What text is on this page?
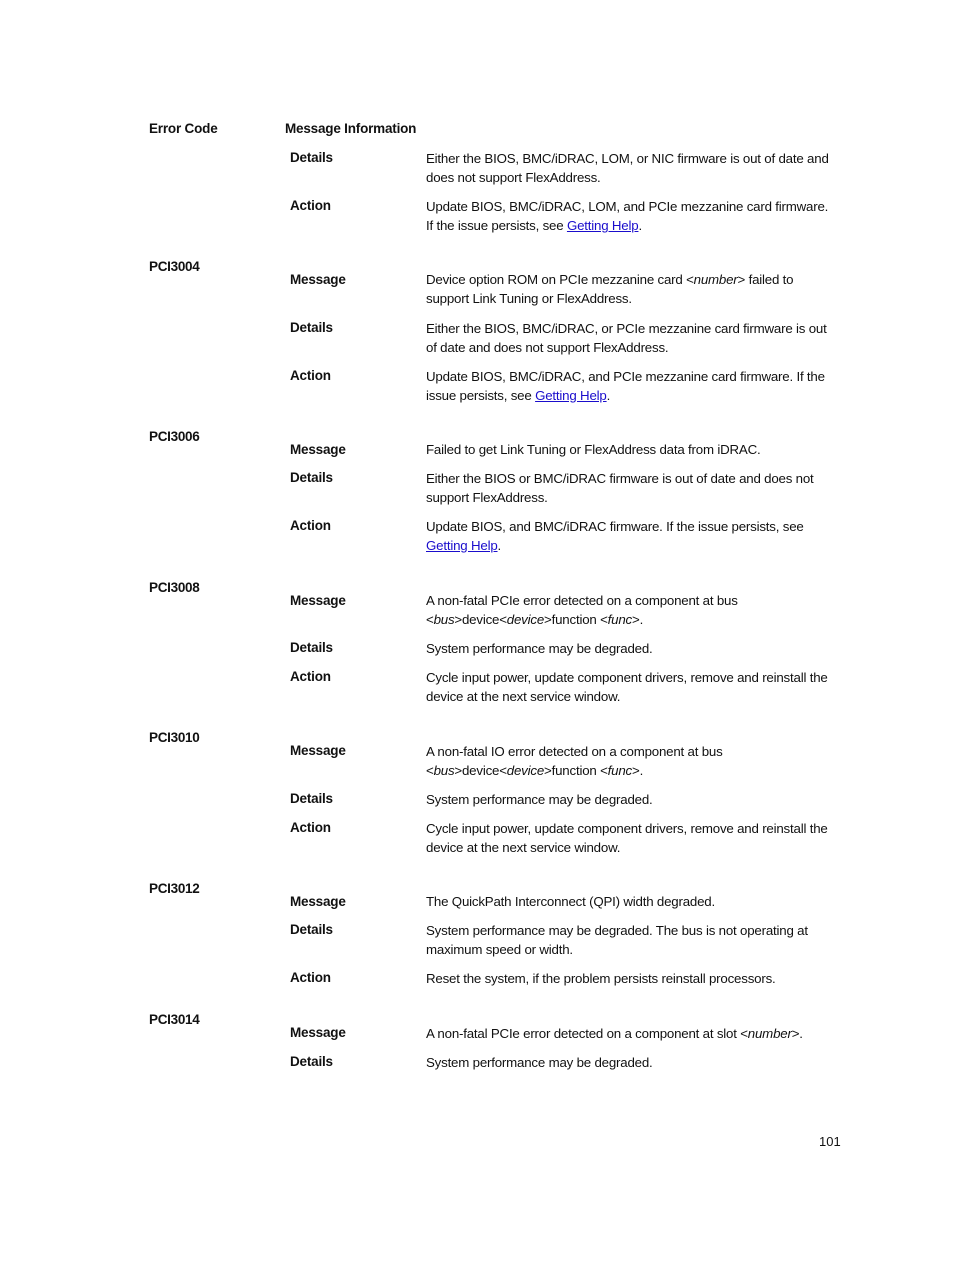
Error Code	Message Information
Details	Either the BIOS, BMC/iDRAC, LOM, or NIC firmware is out of date and does not support FlexAddress.
Action	Update BIOS, BMC/iDRAC, LOM, and PCIe mezzanine card firmware. If the issue persists, see Getting Help.
PCI3004
Message	Device option ROM on PCIe mezzanine card <number> failed to support Link Tuning or FlexAddress.
Details	Either the BIOS, BMC/iDRAC, or PCIe mezzanine card firmware is out of date and does not support FlexAddress.
Action	Update BIOS, BMC/iDRAC, and PCIe mezzanine card firmware. If the issue persists, see Getting Help.
PCI3006
Message	Failed to get Link Tuning or FlexAddress data from iDRAC.
Details	Either the BIOS or BMC/iDRAC firmware is out of date and does not support FlexAddress.
Action	Update BIOS, and BMC/iDRAC firmware. If the issue persists, see Getting Help.
PCI3008
Message	A non-fatal PCIe error detected on a component at bus <bus>device<device>function <func>.
Details	System performance may be degraded.
Action	Cycle input power, update component drivers, remove and reinstall the device at the next service window.
PCI3010
Message	A non-fatal IO error detected on a component at bus <bus>device<device>function <func>.
Details	System performance may be degraded.
Action	Cycle input power, update component drivers, remove and reinstall the device at the next service window.
PCI3012
Message	The QuickPath Interconnect (QPI) width degraded.
Details	System performance may be degraded. The bus is not operating at maximum speed or width.
Action	Reset the system, if the problem persists reinstall processors.
PCI3014
Message	A non-fatal PCIe error detected on a component at slot <number>.
Details	System performance may be degraded.
101
